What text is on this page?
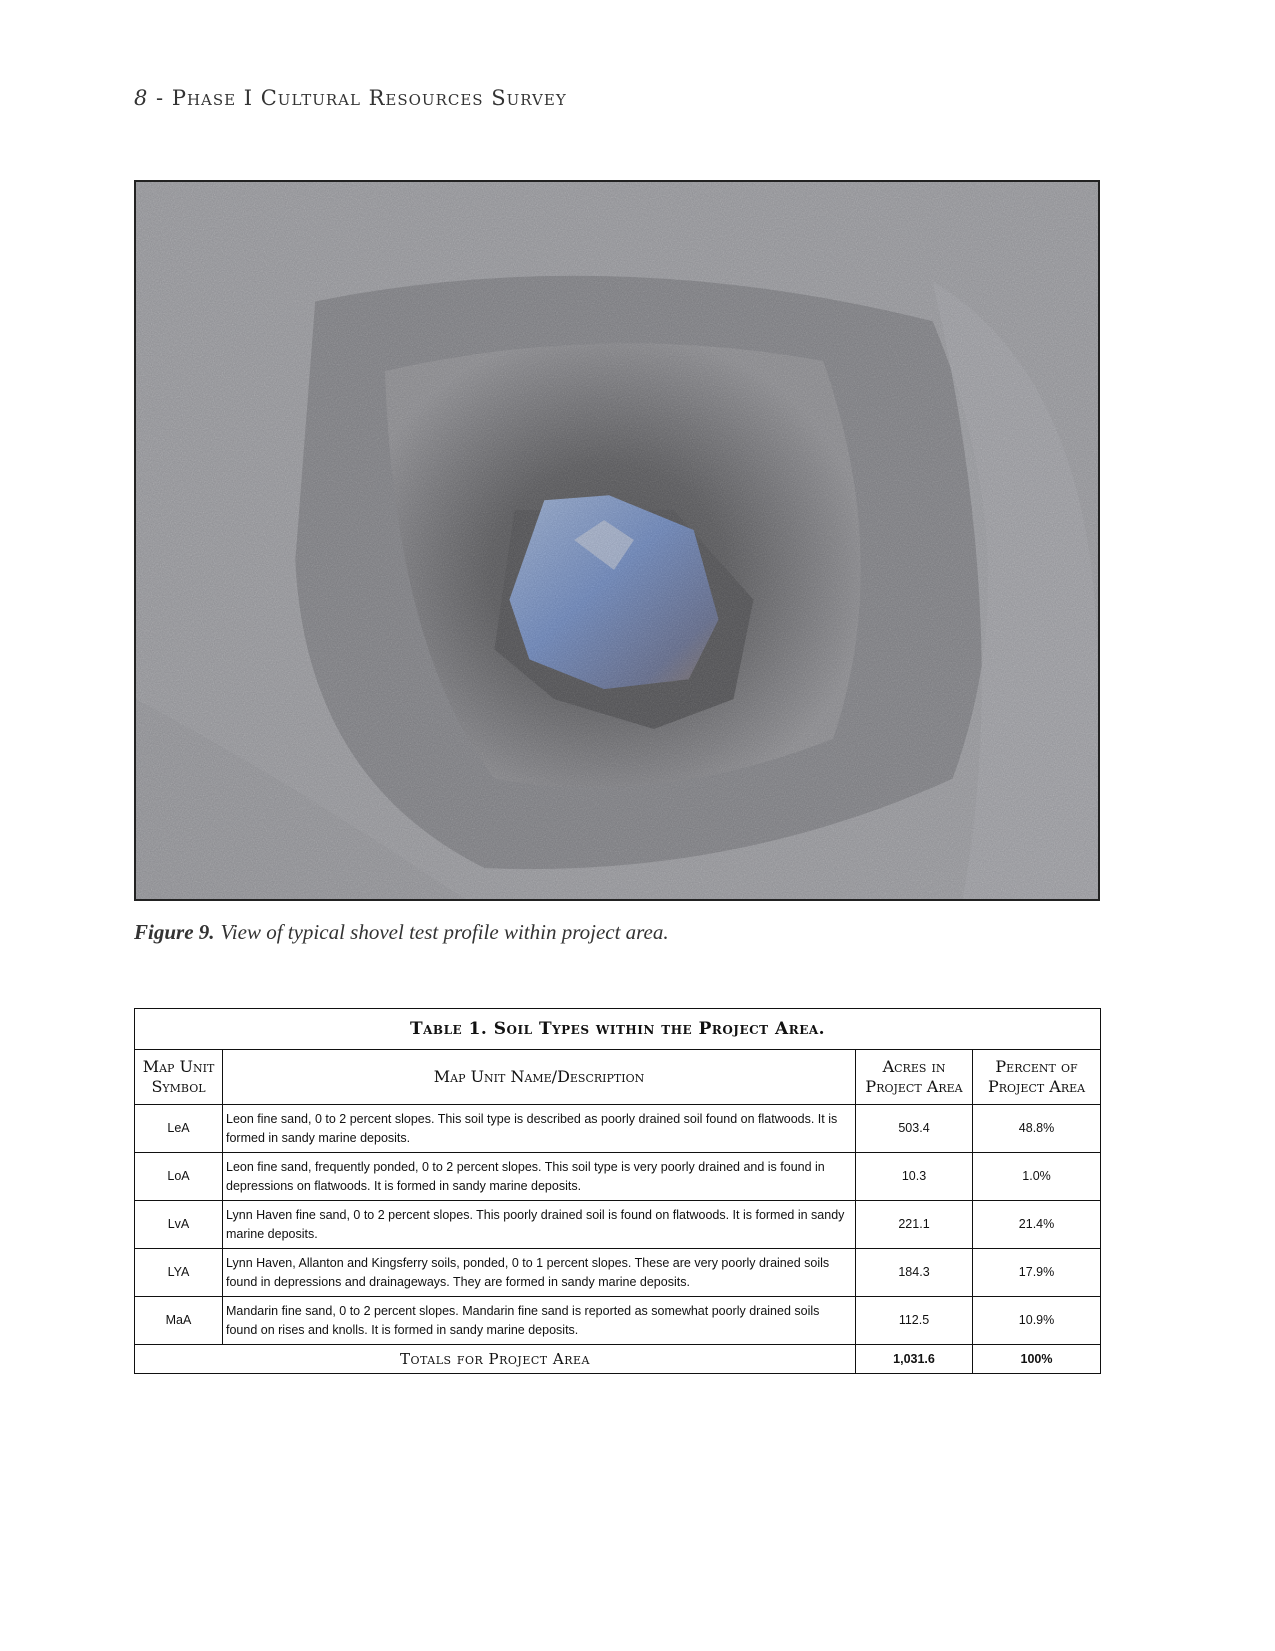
8 - Phase I Cultural Resources Survey
Figure 9. View of typical shovel test profile within project area.
Table 1. Soil Types within the Project Area.			
Map Unit Symbol	Map Unit Name/Description	Acres in Project Area	Percent of Project Area
LeA	Leon fine sand, 0 to 2 percent slopes. This soil type is described as poorly drained soil found on flatwoods. It is formed in sandy marine deposits.	503.4	48.8%
LoA	Leon fine sand, frequently ponded, 0 to 2 percent slopes. This soil type is very poorly drained and is found in depressions on flatwoods. It is formed in sandy marine deposits.	10.3	1.0%
LvA	Lynn Haven fine sand, 0 to 2 percent slopes. This poorly drained soil is found on flatwoods. It is formed in sandy marine deposits.	221.1	21.4%
LYA	Lynn Haven, Allanton and Kingsferry soils, ponded, 0 to 1 percent slopes. These are very poorly drained soils found in depressions and drainageways. They are formed in sandy marine deposits.	184.3	17.9%
MaA	Mandarin fine sand, 0 to 2 percent slopes. Mandarin fine sand is reported as somewhat poorly drained soils found on rises and knolls. It is formed in sandy marine deposits.	112.5	10.9%
Totals for Project Area		1,031.6	100%
